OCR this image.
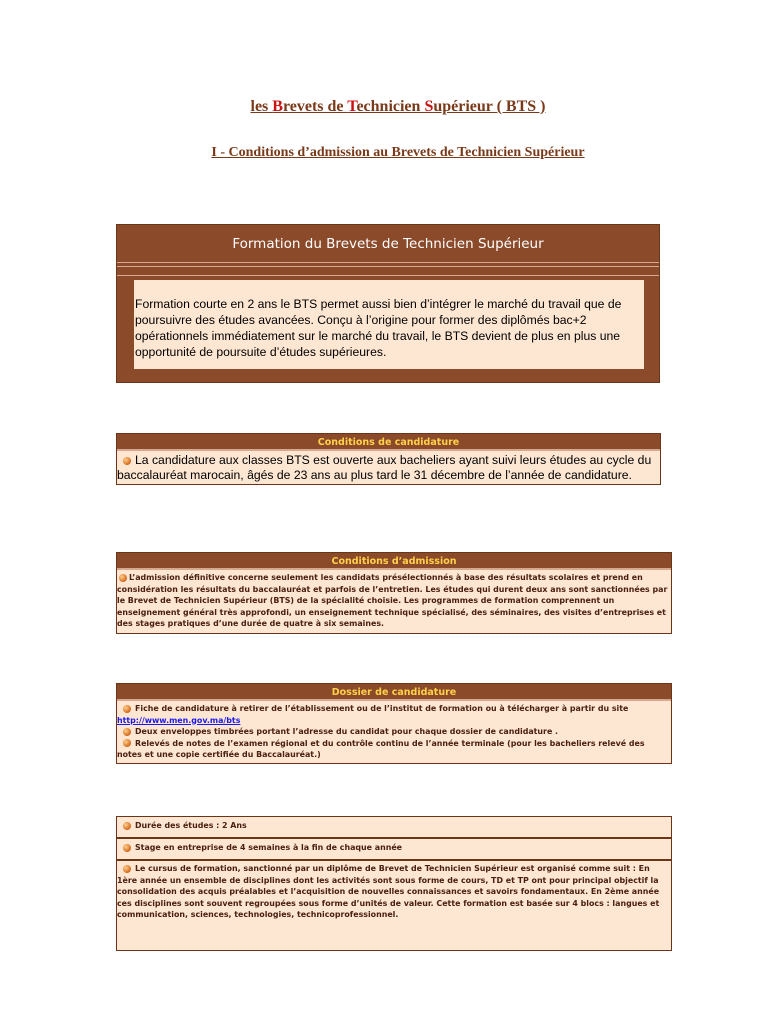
les Brevets de Technicien Supérieur ( BTS )
I - Conditions d’admission au Brevets de Technicien Supérieur
Formation du Brevets de Technicien Supérieur
Formation courte en 2 ans le BTS permet aussi bien d’intégrer le marché du travail que de poursuivre des études avancées. Conçu à l’origine pour former des diplômés bac+2 opérationnels immédiatement sur le marché du travail, le BTS devient de plus en plus une opportunité de poursuite d’études supérieures.
Conditions de candidature
La candidature aux classes BTS est ouverte aux bacheliers ayant suivi leurs études au cycle du baccalauréat marocain, âgés de 23 ans au plus tard le 31 décembre de l’année de candidature.
Conditions d’admission
L’admission définitive concerne seulement les candidats présélectionnés à base des résultats scolaires et prend en considération les résultats du baccalauréat et parfois de l’entretien. Les études qui durent deux ans sont sanctionnées par le Brevet de Technicien Supérieur (BTS) de la spécialité choisie. Les programmes de formation comprennent un enseignement général très approfondi, un enseignement technique spécialisé, des séminaires, des visites d’entreprises et des stages pratiques d’une durée de quatre à six semaines.
Dossier de candidature
Fiche de candidature à retirer de l’établissement ou de l’institut de formation ou à télécharger à partir du site http://www.men.gov.ma/bts
Deux enveloppes timbrées portant l’adresse du candidat pour chaque dossier de candidature .
Relevés de notes de l’examen régional et du contrôle continu de l’année terminale (pour les bacheliers relevé des notes et une copie certifiée du Baccalauréat.)
Durée des études : 2 Ans
Stage en entreprise de 4 semaines à la fin de chaque année
Le cursus de formation, sanctionné par un diplôme de Brevet de Technicien Supérieur est organisé comme suit : En 1ère année un ensemble de disciplines dont les activités sont sous forme de cours, TD et TP ont pour principal objectif la consolidation des acquis préalables et l’acquisition de nouvelles connaissances et savoirs fondamentaux. En 2ème année ces disciplines sont souvent regroupées sous forme d’unités de valeur. Cette formation est basée sur 4 blocs : langues et communication, sciences, technologies, technicoprofessionnel.
